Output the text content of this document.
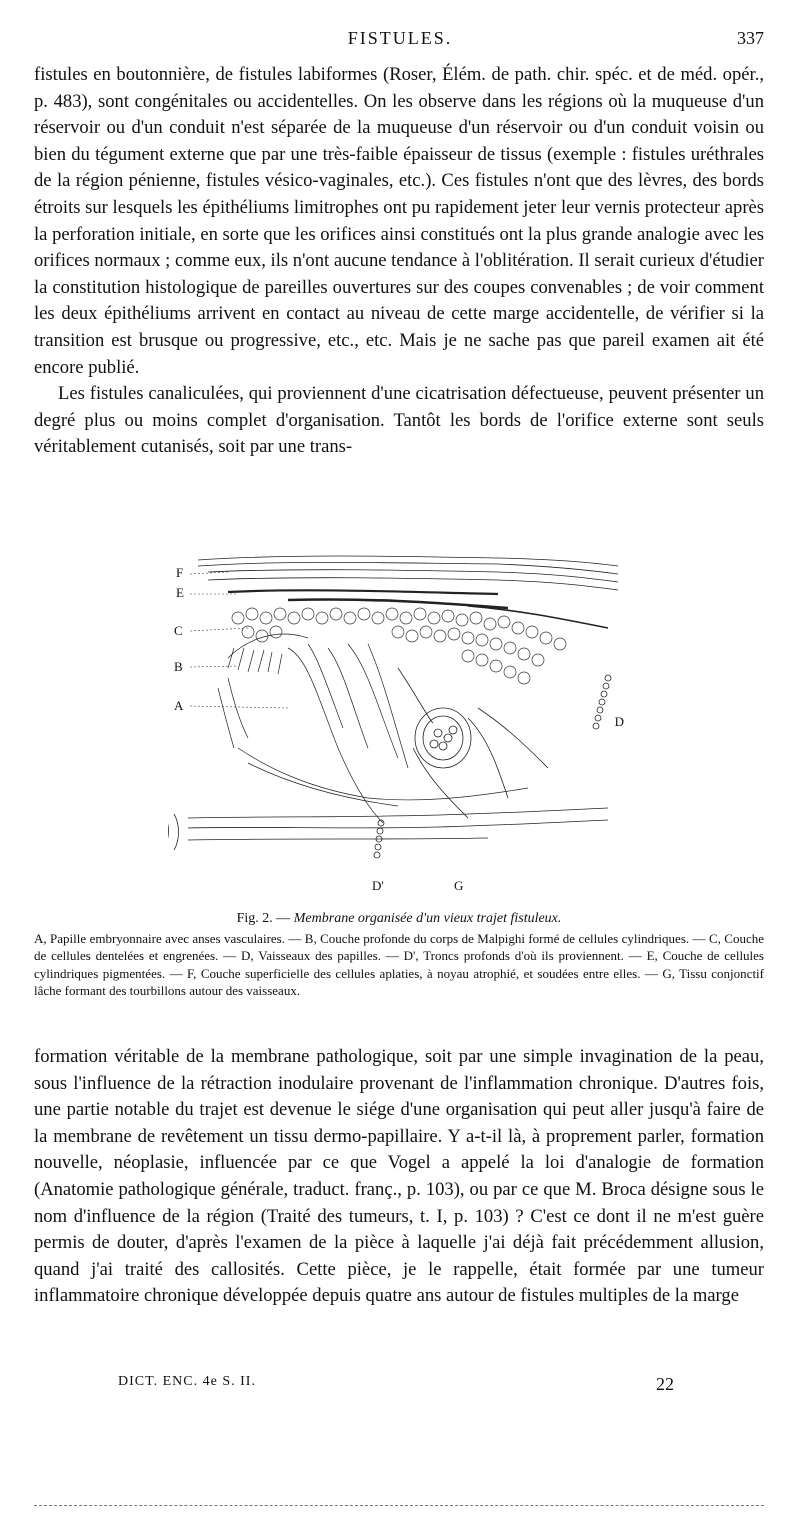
FISTULES.	337

fistules en boutonnière, de fistules labiformes (Roser, Élém. de path. chir. spéc. et de méd. opér., p. 483), sont congénitales ou accidentelles. On les observe dans les régions où la muqueuse d'un réservoir ou d'un conduit n'est séparée de la muqueuse d'un réservoir ou d'un conduit voisin ou bien du tégument externe que par une très-faible épaisseur de tissus (exemple : fistules uréthrales de la région pénienne, fistules vésico-vaginales, etc.). Ces fistules n'ont que des lèvres, des bords étroits sur lesquels les épithéliums limitrophes ont pu rapidement jeter leur vernis protecteur après la perforation initiale, en sorte que les orifices ainsi constitués ont la plus grande analogie avec les orifices normaux ; comme eux, ils n'ont aucune tendance à l'oblitération. Il serait curieux d'étudier la constitution histologique de pareilles ouvertures sur des coupes convenables ; de voir comment les deux épithéliums arrivent en contact au niveau de cette marge accidentelle, de vérifier si la transition est brusque ou progressive, etc., etc. Mais je ne sache pas que pareil examen ait été encore publié.

Les fistules canaliculées, qui proviennent d'une cicatrisation défectueuse, peuvent présenter un degré plus ou moins complet d'organisation. Tantôt les bords de l'orifice externe sont seuls véritablement cutanisés, soit par une trans-

F
E
C
B
A
D
D'	G
Fig. 2. — Membrane organisée d'un vieux trajet fistuleux.
A, Papille embryonnaire avec anses vasculaires. — B, Couche profonde du corps de Malpighi formé de cellules cylindriques. — C, Couche de cellules dentelées et engrenées. — D, Vaisseaux des papilles. — D', Troncs profonds d'où ils proviennent. — E, Couche de cellules cylindriques pigmentées. — F, Couche superficielle des cellules aplaties, à noyau atrophié, et soudées entre elles. — G, Tissu conjonctif lâche formant des tourbillons autour des vaisseaux.

formation véritable de la membrane pathologique, soit par une simple invagination de la peau, sous l'influence de la rétraction inodulaire provenant de l'inflammation chronique. D'autres fois, une partie notable du trajet est devenue le siége d'une organisation qui peut aller jusqu'à faire de la membrane de revêtement un tissu dermo-papillaire. Y a-t-il là, à proprement parler, formation nouvelle, néoplasie, influencée par ce que Vogel a appelé la loi d'analogie de formation (Anatomie pathologique générale, traduct. franç., p. 103), ou par ce que M. Broca désigne sous le nom d'influence de la région (Traité des tumeurs, t. I, p. 103) ? C'est ce dont il ne m'est guère permis de douter, d'après l'examen de la pièce à laquelle j'ai déjà fait précédemment allusion, quand j'ai traité des callosités. Cette pièce, je le rappelle, était formée par une tumeur inflammatoire chronique développée depuis quatre ans autour de fistules multiples de la marge

DICT. ENC. 4e S. II.	22
